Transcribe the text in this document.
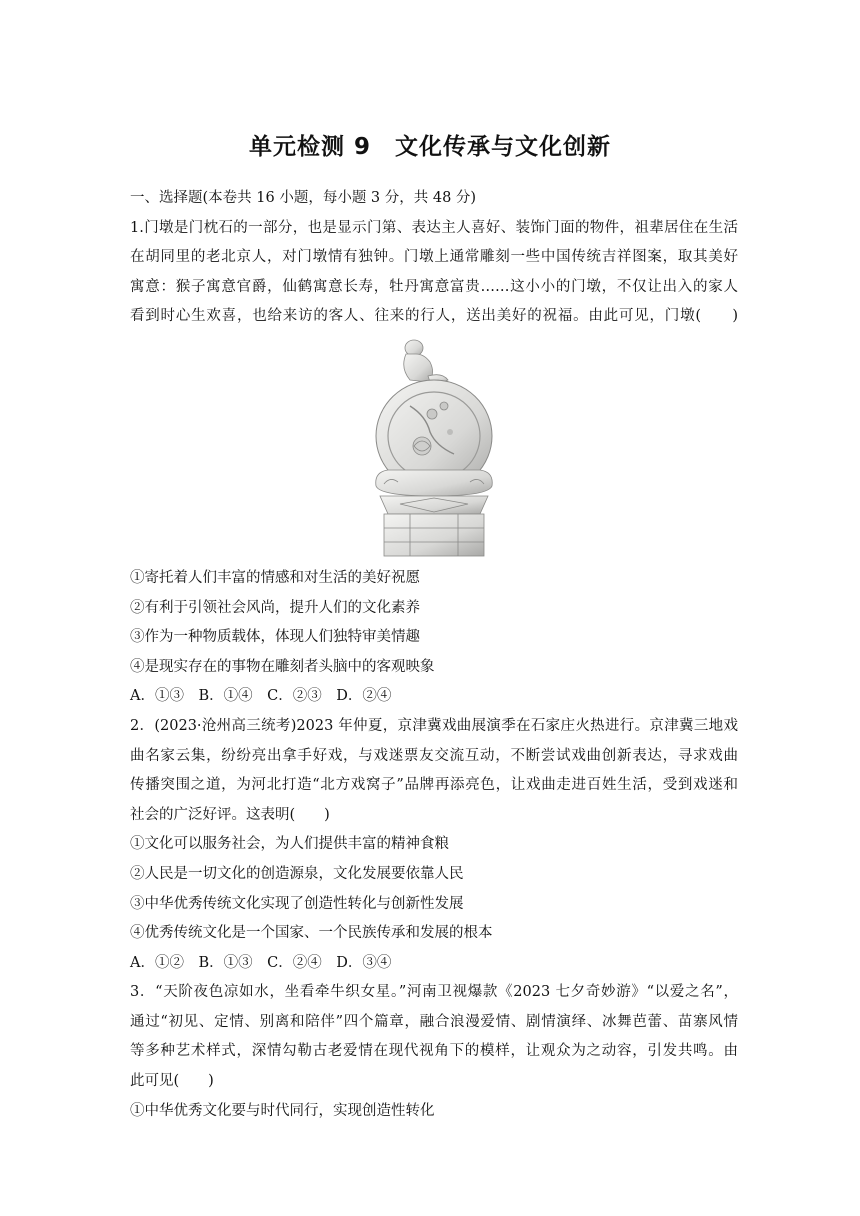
单元检测 9　文化传承与文化创新
一、选择题(本卷共 16 小题，每小题 3 分，共 48 分)
1.门墩是门枕石的一部分，也是显示门第、表达主人喜好、装饰门面的物件，祖辈居住在生活
在胡同里的老北京人，对门墩情有独钟。门墩上通常雕刻一些中国传统吉祥图案，取其美好
寓意：猴子寓意官爵，仙鹤寓意长寿，牡丹寓意富贵……这小小的门墩，不仅让出入的家人
看到时心生欢喜，也给来访的客人、往来的行人，送出美好的祝福。由此可见，门墩(　　)
①寄托着人们丰富的情感和对生活的美好祝愿
②有利于引领社会风尚，提升人们的文化素养
③作为一种物质载体，体现人们独特审美情趣
④是现实存在的事物在雕刻者头脑中的客观映象
A．①③　B．①④　C．②③　D．②④
2．(2023·沧州高三统考)2023 年仲夏，京津冀戏曲展演季在石家庄火热进行。京津冀三地戏
曲名家云集，纷纷亮出拿手好戏，与戏迷票友交流互动，不断尝试戏曲创新表达，寻求戏曲
传播突围之道，为河北打造“北方戏窝子”品牌再添亮色，让戏曲走进百姓生活，受到戏迷和
社会的广泛好评。这表明(　　)
①文化可以服务社会，为人们提供丰富的精神食粮
②人民是一切文化的创造源泉，文化发展要依靠人民
③中华优秀传统文化实现了创造性转化与创新性发展
④优秀传统文化是一个国家、一个民族传承和发展的根本
A．①②　B．①③　C．②④　D．③④
3．“天阶夜色凉如水，坐看牵牛织女星。”河南卫视爆款《2023 七夕奇妙游》“以爱之名”，
通过“初见、定情、别离和陪伴”四个篇章，融合浪漫爱情、剧情演绎、冰舞芭蕾、苗寨风情
等多种艺术样式，深情勾勒古老爱情在现代视角下的模样，让观众为之动容，引发共鸣。由
此可见(　　)
①中华优秀文化要与时代同行，实现创造性转化
